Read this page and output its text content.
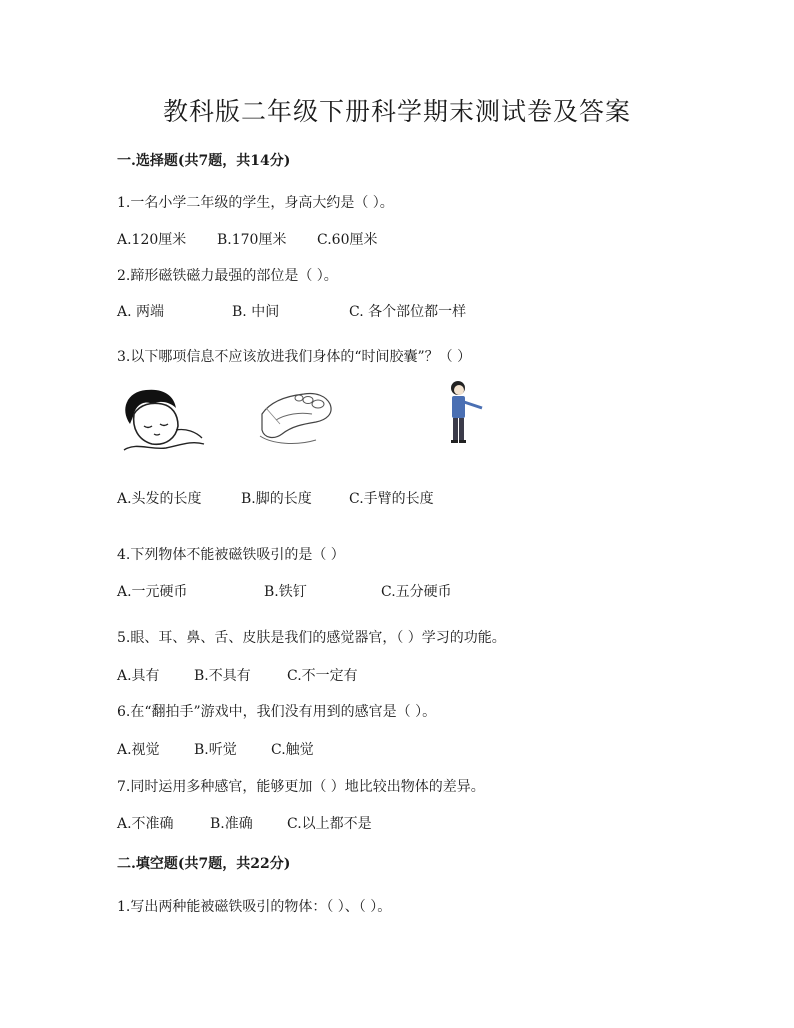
教科版二年级下册科学期末测试卷及答案
一.选择题(共7题，共14分)
1.一名小学二年级的学生，身高大约是（ ）。
A.120厘米 B.170厘米 C.60厘米
2.蹄形磁铁磁力最强的部位是（ ）。
A. 两端	B. 中间	C. 各个部位都一样
3.以下哪项信息不应该放进我们身体的“时间胶囊”？（ ）
A.头发的长度	B.脚的长度	C.手臂的长度
4.下列物体不能被磁铁吸引的是（ ）
A.一元硬币	B.铁钉	C.五分硬币
5.眼、耳、鼻、舌、皮肤是我们的感觉器官，（ ）学习的功能。
A.具有 B.不具有	C.不一定有
6.在“翻拍手”游戏中，我们没有用到的感官是（ ）。
A.视觉 B.听觉 C.触觉
7.同时运用多种感官，能够更加（ ）地比较出物体的差异。
A.不准确	B.准确 C.以上都不是
二.填空题(共7题，共22分)
1.写出两种能被磁铁吸引的物体：（ ）、（ ）。
